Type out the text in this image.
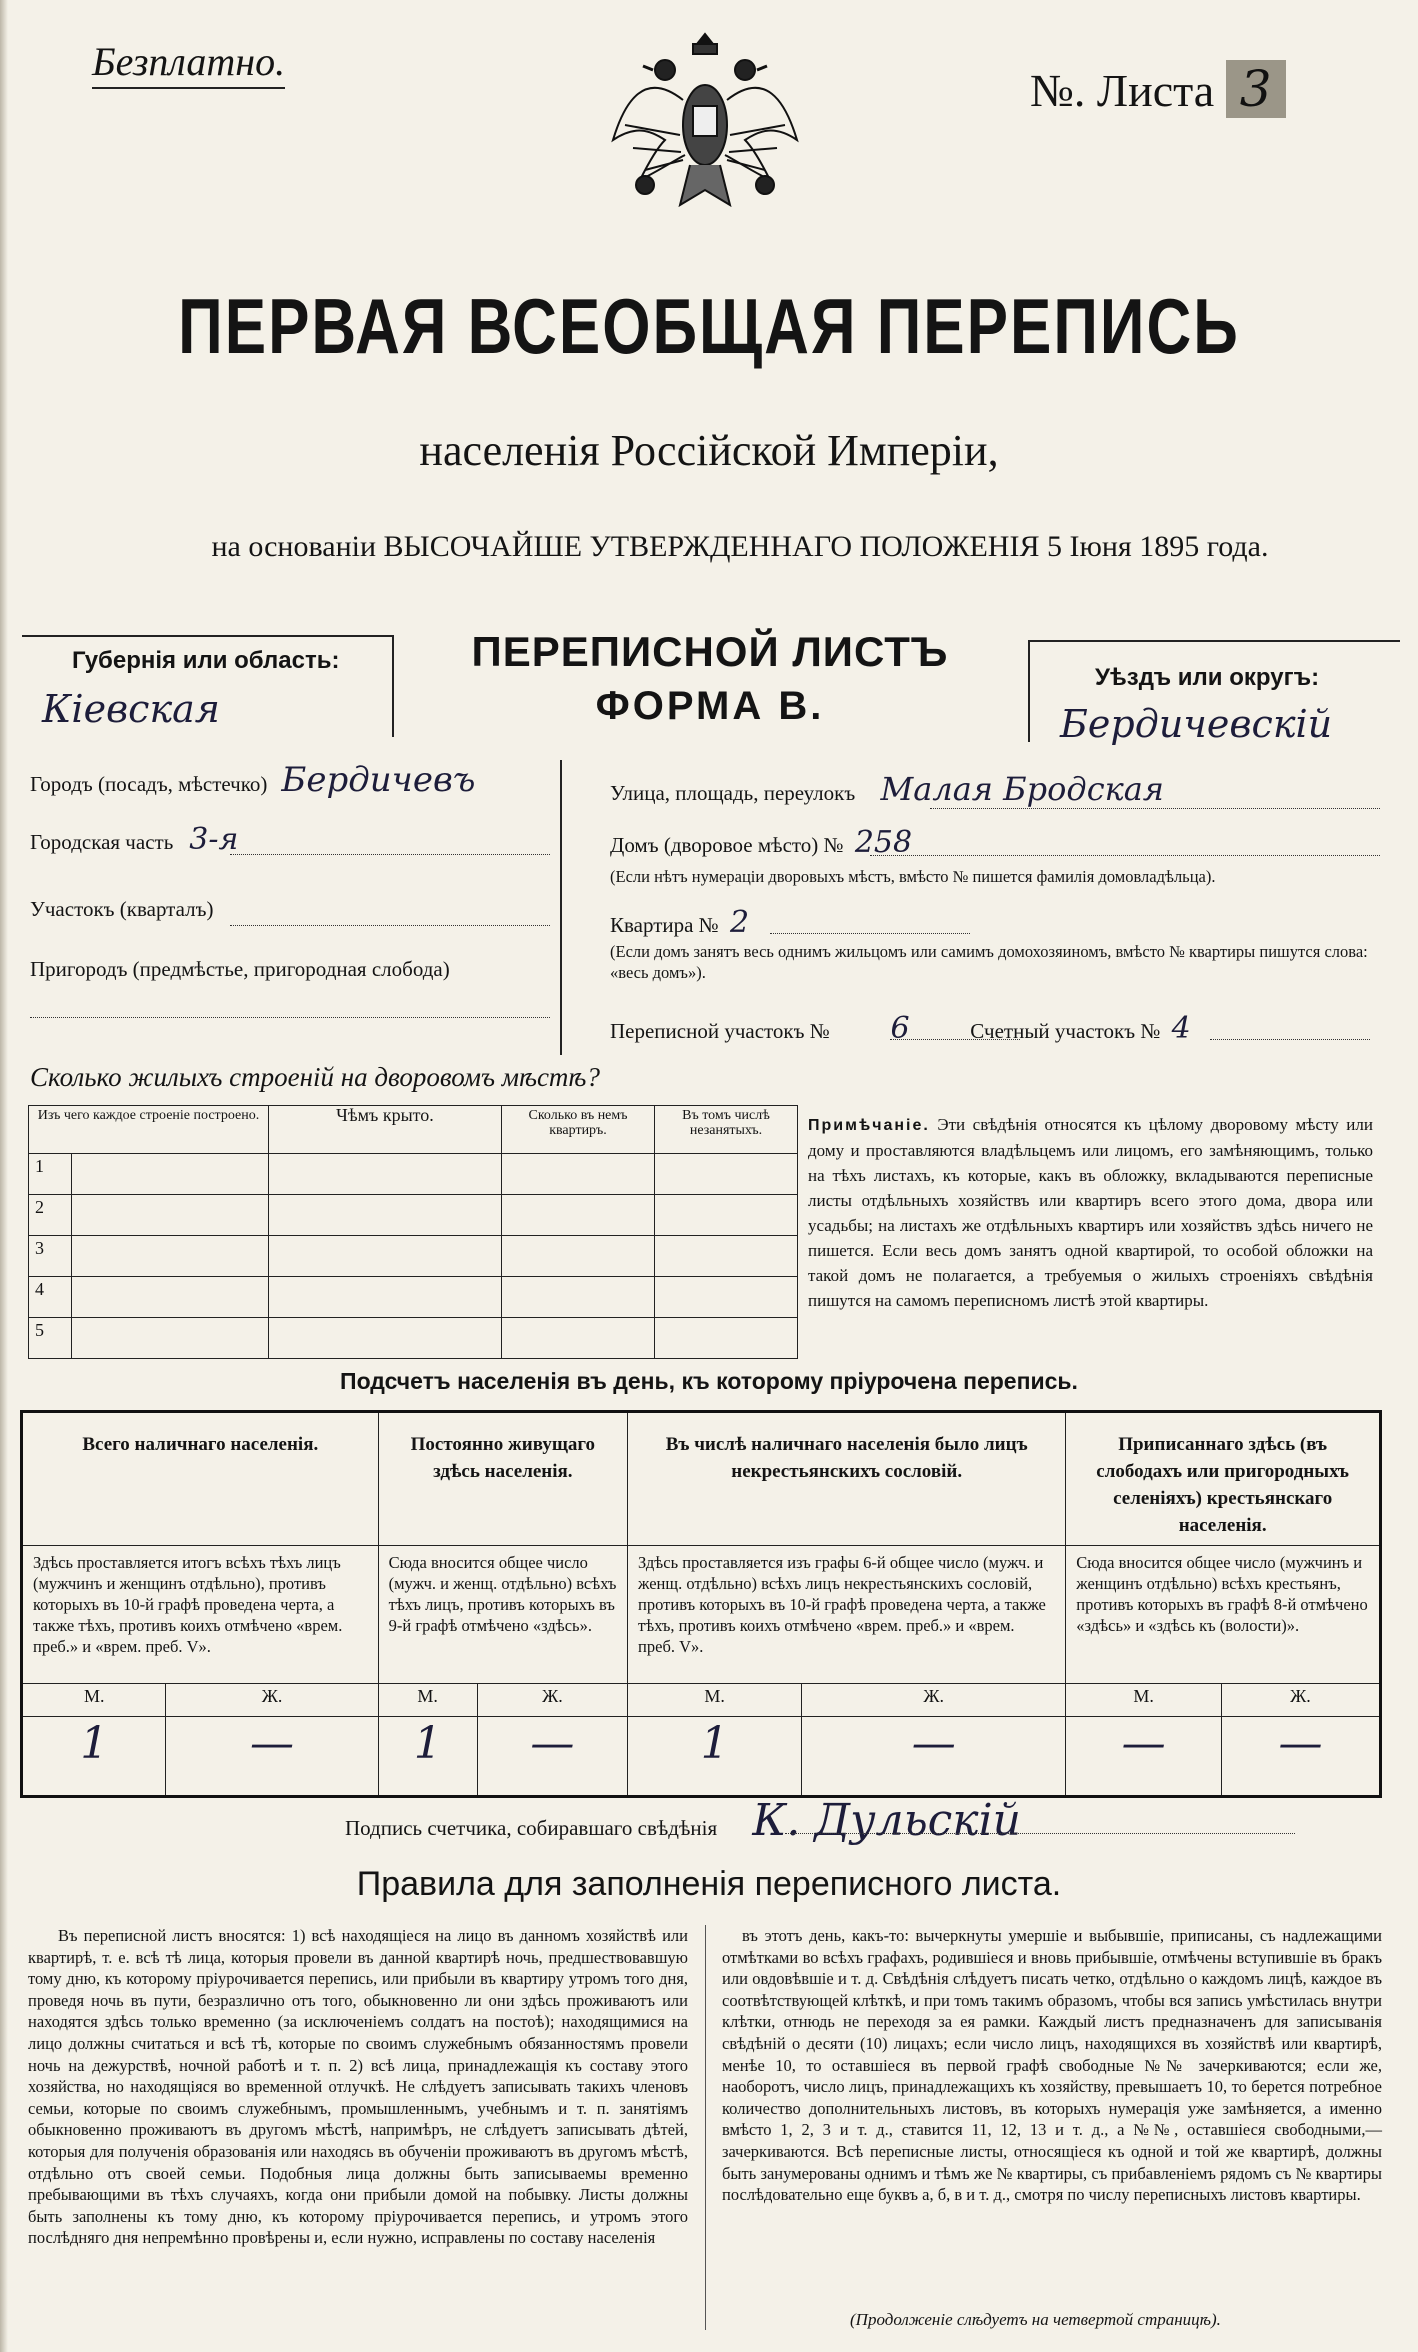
Безплатно.
№. Листа 3
ПЕРВАЯ ВСЕОБЩАЯ ПЕРЕПИСЬ
населенія Россійской Имперіи,
на основаніи ВЫСОЧАЙШЕ УТВЕРЖДЕННАГО ПОЛОЖЕНІЯ 5 Іюня 1895 года.
Губернія или область:
Кіевская
ПЕРЕПИСНОЙ ЛИСТЪ
ФОРМА В.
Уѣздъ или округъ:
Бердичевскій
Городъ (посадъ, мѣстечко) Бердичевъ
Городская часть 3-я
Участокъ (кварталъ)
Пригородъ (предмѣстье, пригородная слобода)
Улица, площадь, переулокъ Малая Бродская
Домъ (дворовое мѣсто) № 258
(Если нѣтъ нумераціи дворовыхъ мѣстъ, вмѣсто № пишется фамилія домовладѣльца).
Квартира № 2
(Если домъ занятъ весь однимъ жильцомъ или самимъ домохозяиномъ, вмѣсто № квартиры пишутся слова: «весь домъ»).
Переписной участокъ № 6	Счетный участокъ № 4
Сколько жилыхъ строеній на дворовомъ мѣстѣ?
Изъ чего каждое строеніе построено.		Чѣмъ крыто.	Сколько въ немъ квартиръ.	Въ томъ числѣ незанятыхъ.
1				
2				
3				
4				
5				
Примѣчаніе. Эти свѣдѣнія относятся къ цѣлому дворовому мѣсту или дому и проставляются владѣльцемъ или лицомъ, его замѣняющимъ, только на тѣхъ листахъ, къ которые, какъ въ обложку, вкладываются переписные листы отдѣльныхъ хозяйствъ или квартиръ всего этого дома, двора или усадьбы; на листахъ же отдѣльныхъ квартиръ или хозяйствъ здѣсь ничего не пишется. Если весь домъ занятъ одной квартирой, то особой обложки на такой домъ не полагается, а требуемыя о жилыхъ строеніяхъ свѣдѣнія пишутся на самомъ переписномъ листѣ этой квартиры.
Подсчетъ населенія въ день, къ которому пріурочена перепись.
Всего наличнаго населенія.		Постоянно живущаго здѣсь населенія.		Въ числѣ наличнаго населенія было лицъ некрестьянскихъ сословій.		Приписаннаго здѣсь (въ слободахъ или пригородныхъ селеніяхъ) крестьянскаго населенія.	
Здѣсь проставляется итогъ всѣхъ тѣхъ лицъ (мужчинъ и женщинъ отдѣльно), противъ которыхъ въ 10-й графѣ проведена черта, а также тѣхъ, противъ коихъ отмѣчено «врем. преб.» и «врем. преб. V».		Сюда вносится общее число (мужч. и женщ. отдѣльно) всѣхъ тѣхъ лицъ, противъ которыхъ въ 9-й графѣ отмѣчено «здѣсь».		Здѣсь проставляется изъ графы 6-й общее число (мужч. и женщ. отдѣльно) всѣхъ лицъ некрестьянскихъ сословій, противъ которыхъ въ 10-й графѣ проведена черта, а также тѣхъ, противъ коихъ отмѣчено «врем. преб.» и «врем. преб. V».		Сюда вносится общее число (мужчинъ и женщинъ отдѣльно) всѣхъ крестьянъ, противъ которыхъ въ графѣ 8-й отмѣчено «здѣсь» и «здѣсь къ (волости)».	
М.	Ж.	М.	Ж.	М.	Ж.	М.	Ж.
1	—	1	—	1	—	—	—
Подпись счетчика, собиравшаго свѣдѣнія К. Дульскій
Правила для заполненія переписного листа.
Въ переписной листъ вносятся: 1) всѣ находящіеся на лицо въ данномъ хозяйствѣ или квартирѣ, т. е. всѣ тѣ лица, которыя провели въ данной квартирѣ ночь, предшествовавшую тому дню, къ которому пріурочивается перепись, или прибыли въ квартиру утромъ того дня, проведя ночь въ пути, безразлично отъ того, обыкновенно ли они здѣсь проживаютъ или находятся здѣсь только временно (за исключеніемъ солдатъ на постоѣ); находящимися на лицо должны считаться и всѣ тѣ, которые по своимъ служебнымъ обязанностямъ провели ночь на дежурствѣ, ночной работѣ и т. п. 2) всѣ лица, принадлежащія къ составу этого хозяйства, но находящіяся во временной отлучкѣ. Не слѣдуетъ записывать такихъ членовъ семьи, которые по своимъ служебнымъ, промышленнымъ, учебнымъ и т. п. занятіямъ обыкновенно проживаютъ въ другомъ мѣстѣ, напримѣръ, не слѣдуетъ записывать дѣтей, которыя для полученія образованія или находясь въ обученіи проживаютъ въ другомъ мѣстѣ, отдѣльно отъ своей семьи. Подобныя лица должны быть записываемы временно пребывающими въ тѣхъ случаяхъ, когда они прибыли домой на побывку. Листы должны быть заполнены къ тому дню, къ которому пріурочивается перепись, и утромъ этого послѣдняго дня непремѣнно провѣрены и, если нужно, исправлены по составу населенія
въ этотъ день, какъ-то: вычеркнуты умершіе и выбывшіе, приписаны, съ надлежащими отмѣтками во всѣхъ графахъ, родившіеся и вновь прибывшіе, отмѣчены вступившіе въ бракъ или овдовѣвшіе и т. д. Свѣдѣнія слѣдуетъ писать четко, отдѣльно о каждомъ лицѣ, каждое въ соотвѣтствующей клѣткѣ, и при томъ такимъ образомъ, чтобы вся запись умѣстилась внутри клѣтки, отнюдь не переходя за ея рамки. Каждый листъ предназначенъ для записыванія свѣдѣній о десяти (10) лицахъ; если число лицъ, находящихся въ хозяйствѣ или квартирѣ, менѣе 10, то оставшіеся въ первой графѣ свободные №№ зачеркиваются; если же, наоборотъ, число лицъ, принадлежащихъ къ хозяйству, превышаетъ 10, то берется потребное количество дополнительныхъ листовъ, въ которыхъ нумерація уже замѣняется, а именно вмѣсто 1, 2, 3 и т. д., ставится 11, 12, 13 и т. д., а №№, оставшіеся свободными,—зачеркиваются. Всѣ переписные листы, относящіеся къ одной и той же квартирѣ, должны быть занумерованы однимъ и тѣмъ же № квартиры, съ прибавленіемъ рядомъ съ № квартиры послѣдовательно еще буквъ а, б, в и т. д., смотря по числу переписныхъ листовъ квартиры.
(Продолженіе слѣдуетъ на четвертой страницѣ).
